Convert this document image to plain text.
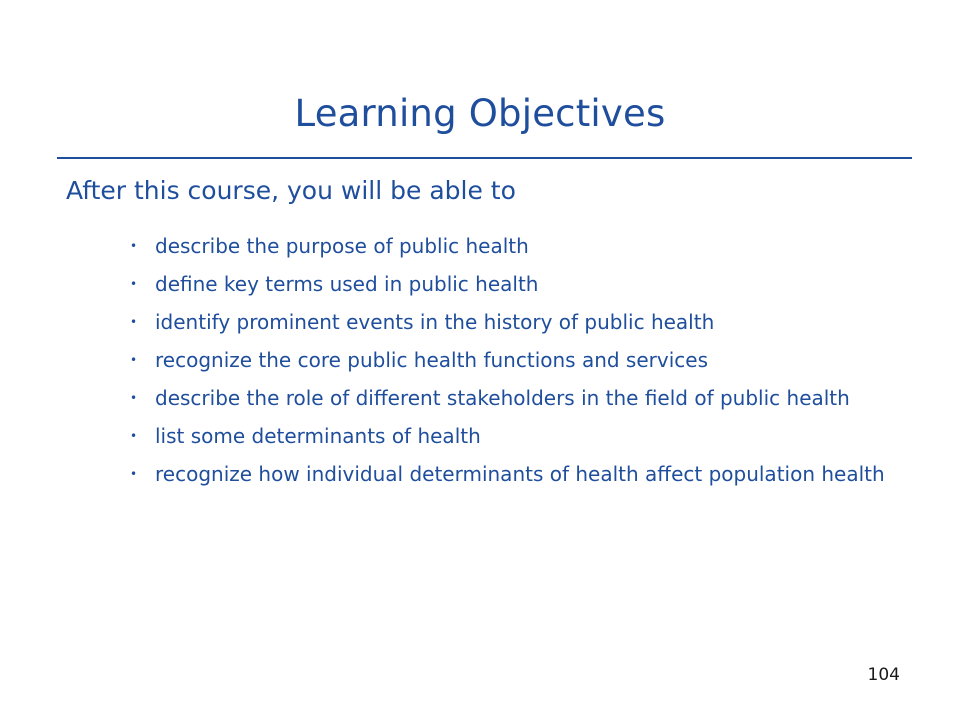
Learning Objectives

After this course, you will be able to

• describe the purpose of public health
• define key terms used in public health
• identify prominent events in the history of public health
• recognize the core public health functions and services
• describe the role of different stakeholders in the field of public health
• list some determinants of health
• recognize how individual determinants of health affect population health
104
